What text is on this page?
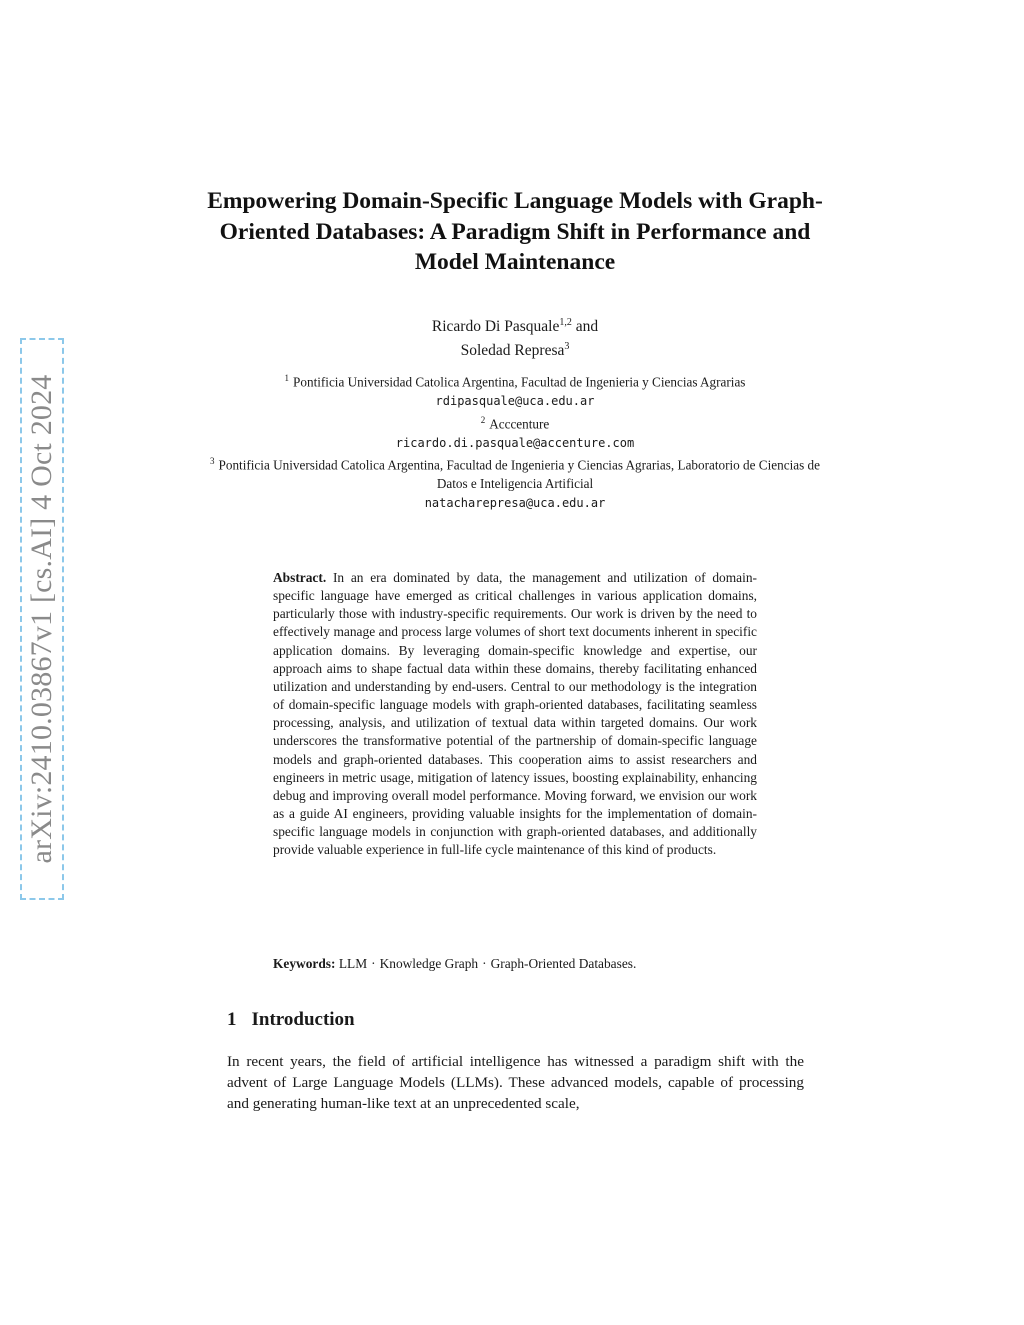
arXiv:2410.03867v1 [cs.AI] 4 Oct 2024
Empowering Domain-Specific Language Models with Graph-Oriented Databases: A Paradigm Shift in Performance and Model Maintenance
Ricardo Di Pasquale$^{1,2}$ and
Soledad Represa$^3$
$^1$ Pontificia Universidad Catolica Argentina, Facultad de Ingenieria y Ciencias Agrarias
rdipasquale@uca.edu.ar
$^2$ Acccenture
ricardo.di.pasquale@accenture.com
$^3$ Pontificia Universidad Catolica Argentina, Facultad de Ingenieria y Ciencias Agrarias, Laboratorio de Ciencias de Datos e Inteligencia Artificial
natacharepresa@uca.edu.ar
Abstract. In an era dominated by data, the management and utilization of domain-specific language have emerged as critical challenges in various application domains, particularly those with industry-specific requirements. Our work is driven by the need to effectively manage and process large volumes of short text documents inherent in specific application domains. By leveraging domain-specific knowledge and expertise, our approach aims to shape factual data within these domains, thereby facilitating enhanced utilization and understanding by end-users. Central to our methodology is the integration of domain-specific language models with graph-oriented databases, facilitating seamless processing, analysis, and utilization of textual data within targeted domains. Our work underscores the transformative potential of the partnership of domain-specific language models and graph-oriented databases. This cooperation aims to assist researchers and engineers in metric usage, mitigation of latency issues, boosting explainability, enhancing debug and improving overall model performance. Moving forward, we envision our work as a guide AI engineers, providing valuable insights for the implementation of domain-specific language models in conjunction with graph-oriented databases, and additionally provide valuable experience in full-life cycle maintenance of this kind of products.
Keywords: LLM · Knowledge Graph · Graph-Oriented Databases.
1 Introduction
In recent years, the field of artificial intelligence has witnessed a paradigm shift with the advent of Large Language Models (LLMs). These advanced models, capable of processing and generating human-like text at an unprecedented scale,
